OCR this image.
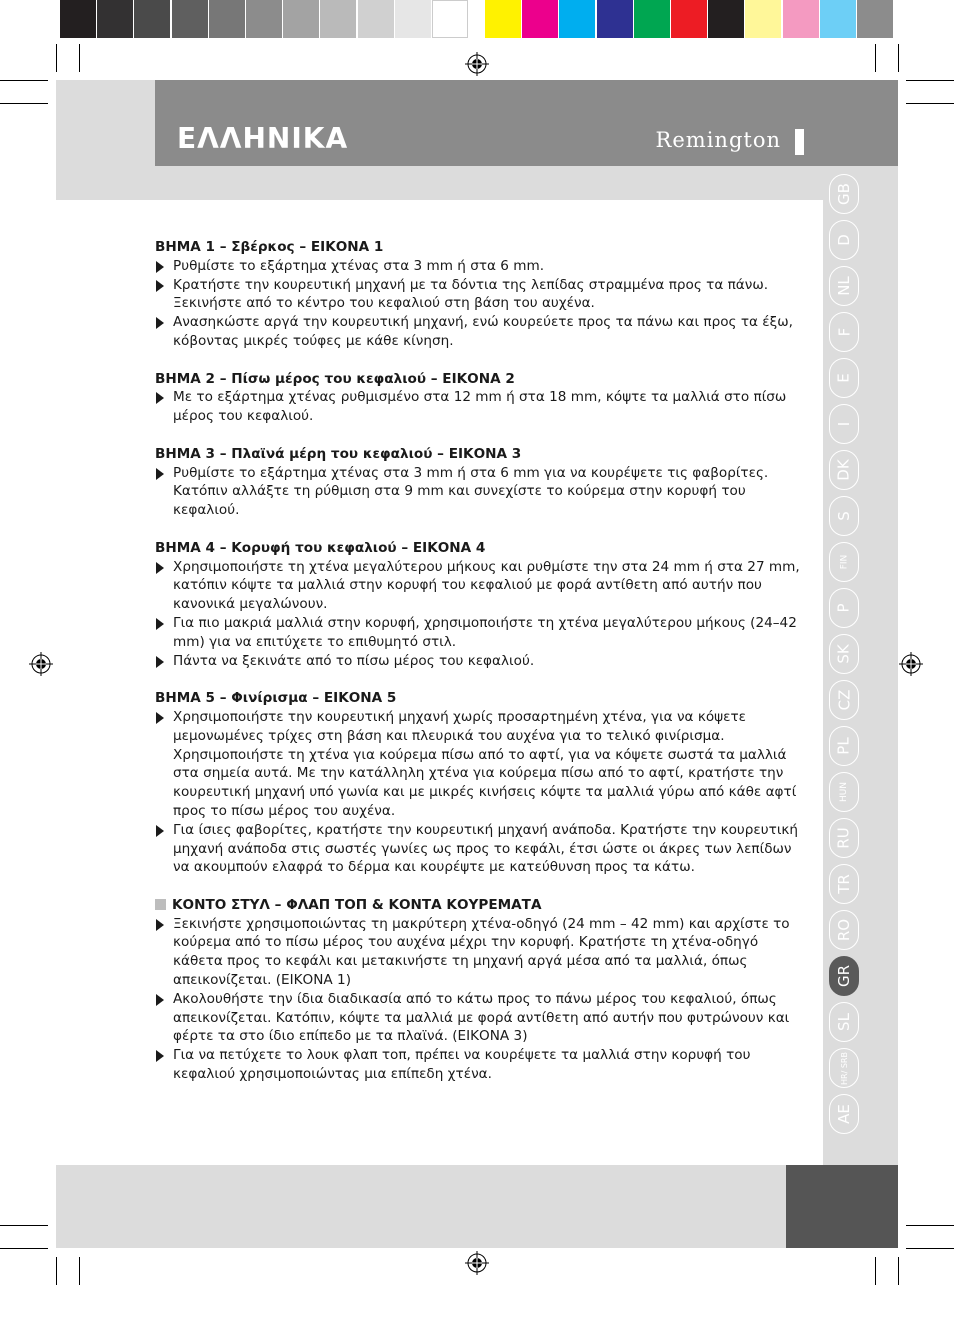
ΕΛΛΗΝΙΚΑ	Remington
GB
D
NL
F
E
I
DK
S
FIN
P
SK
CZ
PL
HUN
RU
TR
RO
GR
SL
HR/ SRB
AE

ΒΗΜΑ 1 – Σβέρκος – ΕΙΚΟΝΑ 1

Ρυθμίστε το εξάρτημα χτένας στα 3 mm ή στα 6 mm.

Κρατήστε την κουρευτική μηχανή με τα δόντια της λεπίδας στραμμένα προς τα πάνω. Ξεκινήστε από το κέντρο του κεφαλιού στη βάση του αυχένα.

Ανασηκώστε αργά την κουρευτική μηχανή, ενώ κουρεύετε προς τα πάνω και προς τα έξω, κόβοντας μικρές τούφες με κάθε κίνηση.

ΒΗΜΑ 2 – Πίσω μέρος του κεφαλιού – ΕΙΚΟΝΑ 2

Με το εξάρτημα χτένας ρυθμισμένο στα 12 mm ή στα 18 mm, κόψτε τα μαλλιά στο πίσω μέρος του κεφαλιού.

ΒΗΜΑ 3 – Πλαϊνά μέρη του κεφαλιού – ΕΙΚΟΝΑ 3

Ρυθμίστε το εξάρτημα χτένας στα 3 mm ή στα 6 mm για να κουρέψετε τις φαβορίτες. Κατόπιν αλλάξτε τη ρύθμιση στα 9 mm και συνεχίστε το κούρεμα στην κορυφή του κεφαλιού.

ΒΗΜΑ 4 – Κορυφή του κεφαλιού – ΕΙΚΟΝΑ 4

Χρησιμοποιήστε τη χτένα μεγαλύτερου μήκους και ρυθμίστε την στα 24 mm ή στα 27 mm, κατόπιν κόψτε τα μαλλιά στην κορυφή του κεφαλιού με φορά αντίθετη από αυτήν που κανονικά μεγαλώνουν.

Για πιο μακριά μαλλιά στην κορυφή, χρησιμοποιήστε τη χτένα μεγαλύτερου μήκους (24–42 mm) για να επιτύχετε το επιθυμητό στιλ.

Πάντα να ξεκινάτε από το πίσω μέρος του κεφαλιού.

ΒΗΜΑ 5 – Φινίρισμα – ΕΙΚΟΝΑ 5

Χρησιμοποιήστε την κουρευτική μηχανή χωρίς προσαρτημένη χτένα, για να κόψετε μεμονωμένες τρίχες στη βάση και πλευρικά του αυχένα για το τελικό φινίρισμα. Χρησιμοποιήστε τη χτένα για κούρεμα πίσω από το αφτί, για να κόψετε σωστά τα μαλλιά στα σημεία αυτά. Με την κατάλληλη χτένα για κούρεμα πίσω από το αφτί, κρατήστε την κουρευτική μηχανή υπό γωνία και με μικρές κινήσεις κόψτε τα μαλλιά γύρω από κάθε αφτί προς το πίσω μέρος του αυχένα.

Για ίσιες φαβορίτες, κρατήστε την κουρευτική μηχανή ανάποδα. Κρατήστε την κουρευτική μηχανή ανάποδα στις σωστές γωνίες ως προς το κεφάλι, έτσι ώστε οι άκρες των λεπίδων να ακουμπούν ελαφρά το δέρμα και κουρέψτε με κατεύθυνση προς τα κάτω.

ΚΟΝΤΟ ΣΤΥΛ – ΦΛΑΠ ΤΟΠ & ΚΟΝΤΑ ΚΟΥΡΕΜΑΤΑ

Ξεκινήστε χρησιμοποιώντας τη μακρύτερη χτένα-οδηγό (24 mm – 42 mm) και αρχίστε το κούρεμα από το πίσω μέρος του αυχένα μέχρι την κορυφή. Κρατήστε τη χτένα-οδηγό κάθετα προς το κεφάλι και μετακινήστε τη μηχανή αργά μέσα από τα μαλλιά, όπως απεικονίζεται. (ΕΙΚΟΝΑ 1)

Ακολουθήστε την ίδια διαδικασία από το κάτω προς το πάνω μέρος του κεφαλιού, όπως απεικονίζεται. Κατόπιν, κόψτε τα μαλλιά με φορά αντίθετη από αυτήν που φυτρώνουν και φέρτε τα στο ίδιο επίπεδο με τα πλαϊνά. (ΕΙΚΟΝΑ 3)

Για να πετύχετε το λουκ φλαπ τοπ, πρέπει να κουρέψετε τα μαλλιά στην κορυφή του κεφαλιού χρησιμοποιώντας μια επίπεδη χτένα.
